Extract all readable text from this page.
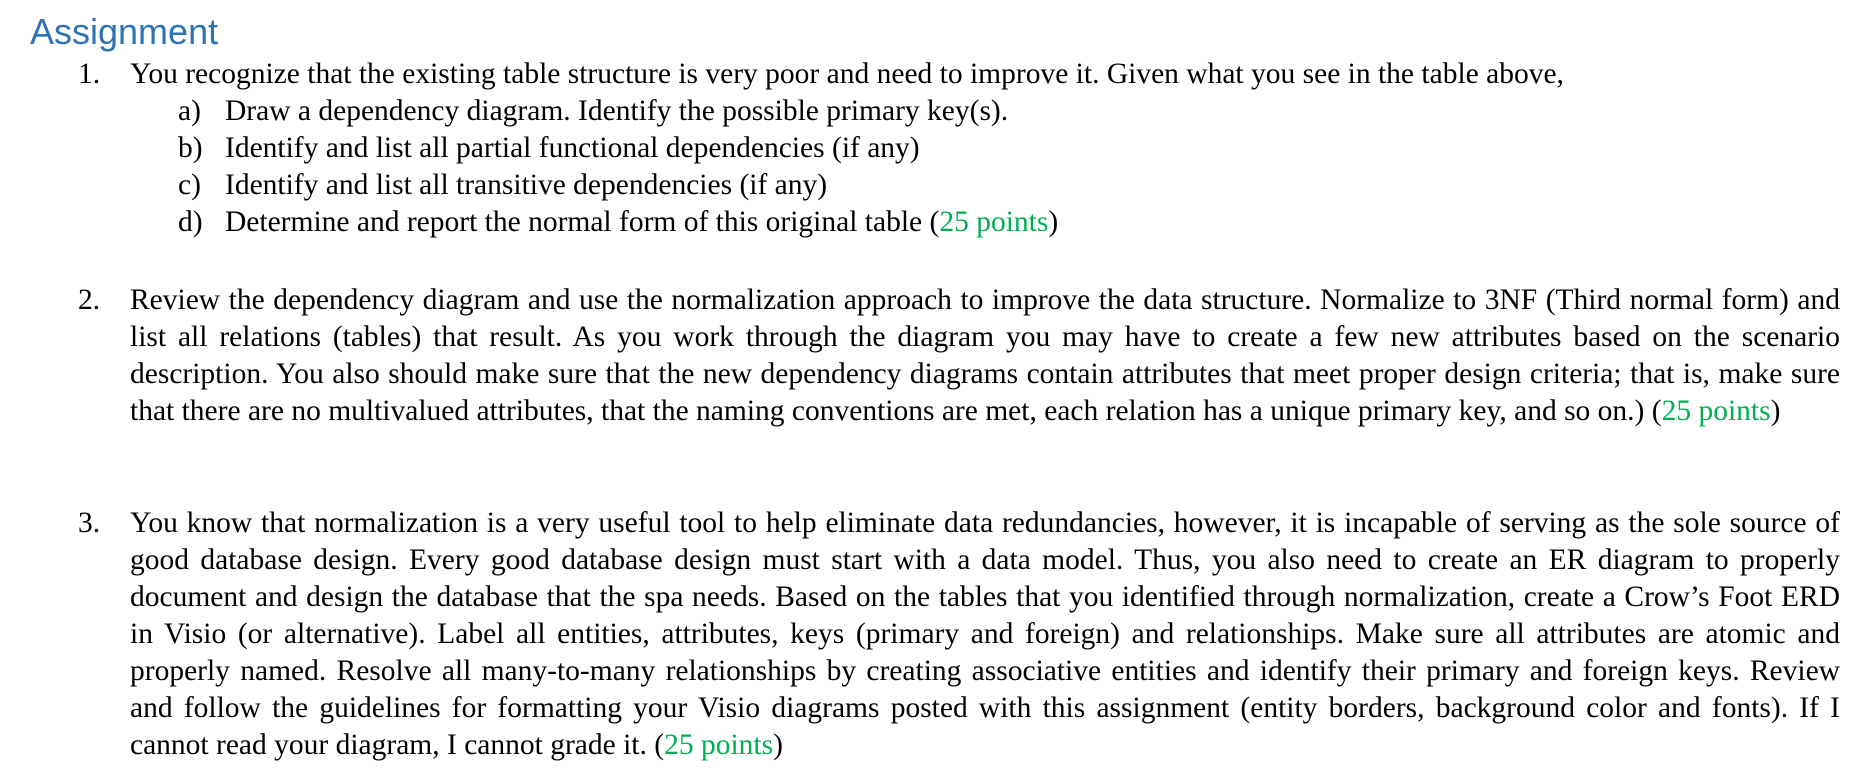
Assignment
1. You recognize that the existing table structure is very poor and need to improve it. Given what you see in the table above,
a) Draw a dependency diagram. Identify the possible primary key(s).
b) Identify and list all partial functional dependencies (if any)
c) Identify and list all transitive dependencies (if any)
d) Determine and report the normal form of this original table (25 points)
2. Review the dependency diagram and use the normalization approach to improve the data structure. Normalize to 3NF (Third normal form) and list all relations (tables) that result. As you work through the diagram you may have to create a few new attributes based on the scenario description. You also should make sure that the new dependency diagrams contain attributes that meet proper design criteria; that is, make sure that there are no multivalued attributes, that the naming conventions are met, each relation has a unique primary key, and so on.) (25 points)
3. You know that normalization is a very useful tool to help eliminate data redundancies, however, it is incapable of serving as the sole source of good database design. Every good database design must start with a data model. Thus, you also need to create an ER diagram to properly document and design the database that the spa needs. Based on the tables that you identified through normalization, create a Crow’s Foot ERD in Visio (or alternative). Label all entities, attributes, keys (primary and foreign) and relationships. Make sure all attributes are atomic and properly named. Resolve all many-to-many relationships by creating associative entities and identify their primary and foreign keys. Review and follow the guidelines for formatting your Visio diagrams posted with this assignment (entity borders, background color and fonts). If I cannot read your diagram, I cannot grade it. (25 points)
